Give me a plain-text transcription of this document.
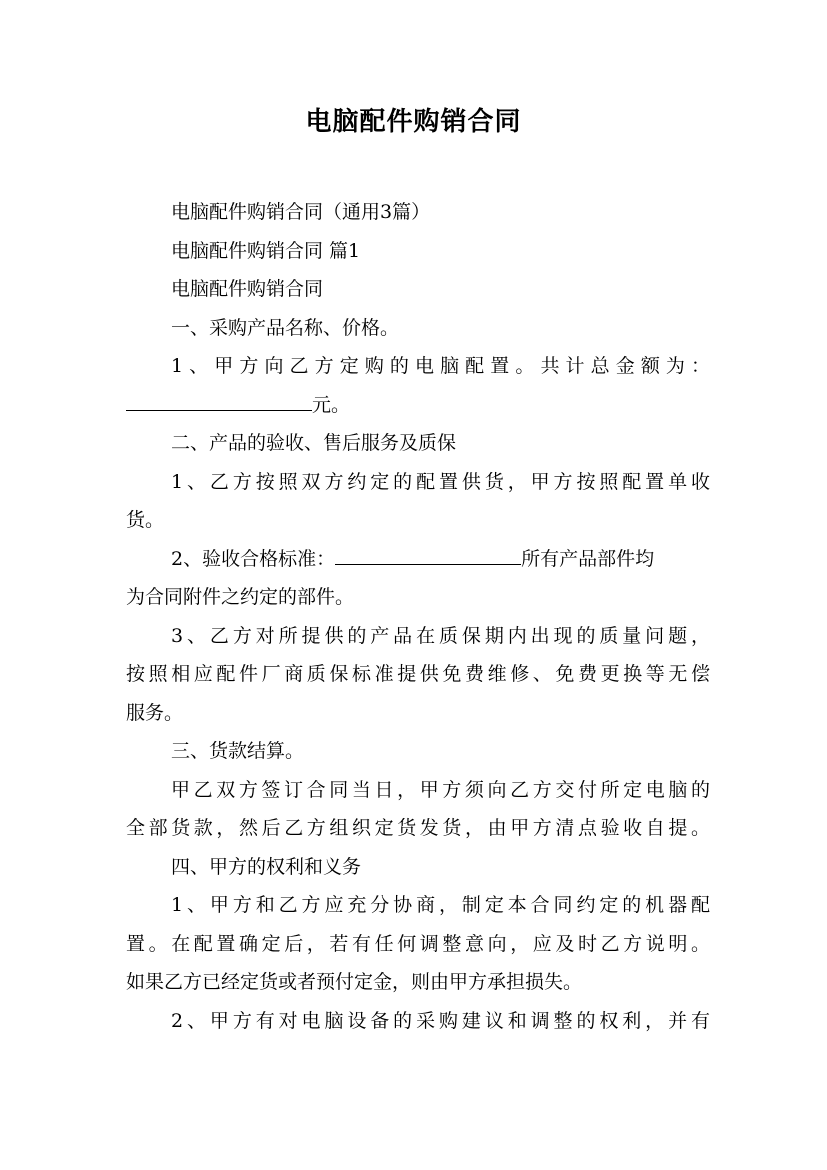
电脑配件购销合同
电脑配件购销合同（通用3篇）
电脑配件购销合同 篇1
电脑配件购销合同
一、采购产品名称、价格。
1、甲方向乙方定购的电脑配置。共计总金额为：
元。
二、产品的验收、售后服务及质保
1、乙方按照双方约定的配置供货，甲方按照配置单收
货。
2、验收合格标准：	所有产品部件均
为合同附件之约定的部件。
3、乙方对所提供的产品在质保期内出现的质量问题，
按照相应配件厂商质保标准提供免费维修、免费更换等无偿
服务。
三、货款结算。
甲乙双方签订合同当日，甲方须向乙方交付所定电脑的
全部货款，然后乙方组织定货发货，由甲方清点验收自提。
四、甲方的权利和义务
1、甲方和乙方应充分协商，制定本合同约定的机器配
置。在配置确定后，若有任何调整意向，应及时乙方说明。
如果乙方已经定货或者预付定金，则由甲方承担损失。
2、甲方有对电脑设备的采购建议和调整的权利，并有
